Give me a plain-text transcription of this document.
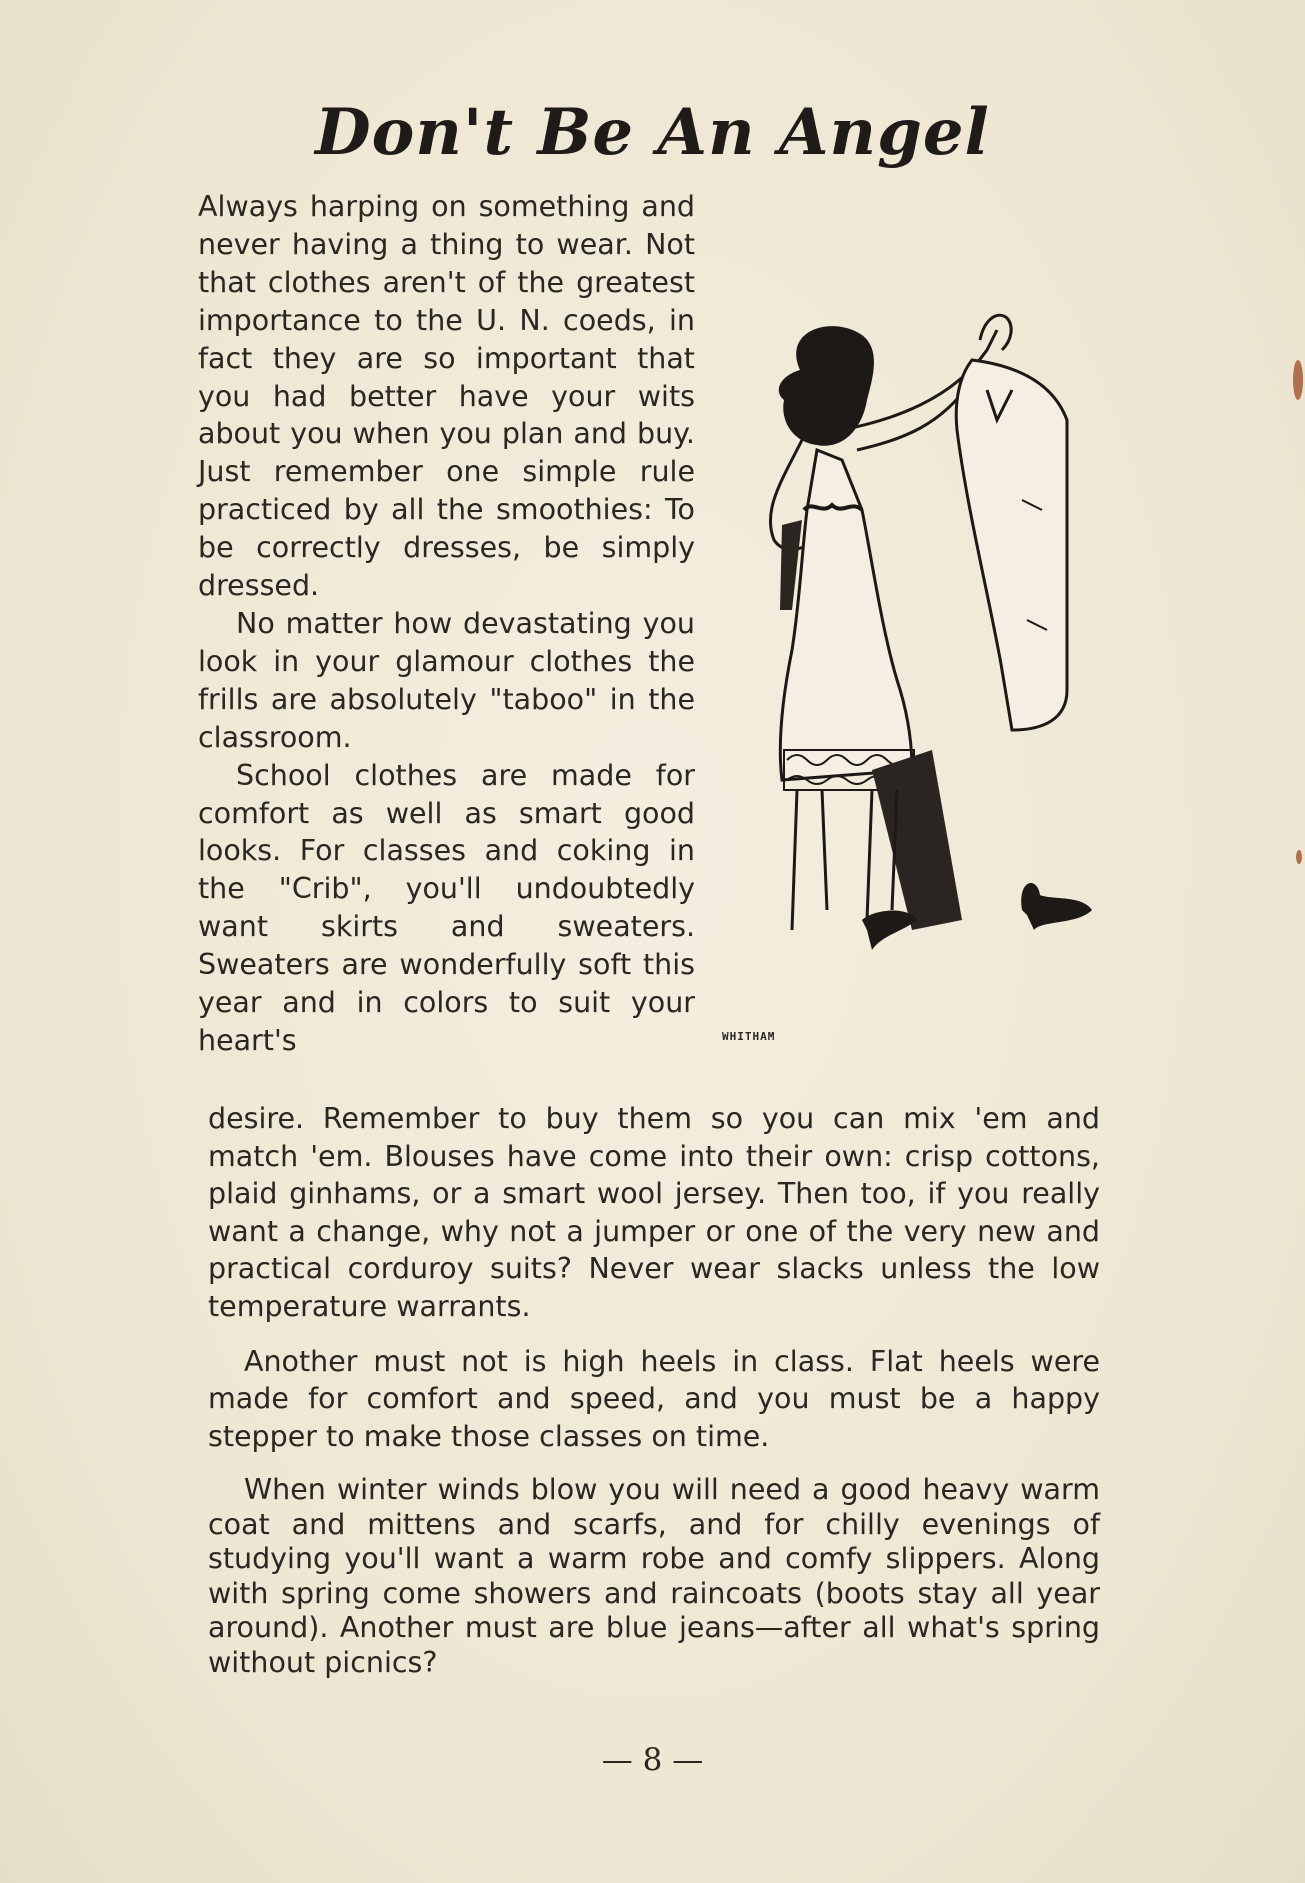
Don't Be An Angel

Always harping on something and never having a thing to wear. Not that clothes aren't of the greatest importance to the U. N. coeds, in fact they are so important that you had better have your wits about you when you plan and buy. Just remember one simple rule practiced by all the smoothies: To be correctly dresses, be simply dressed.

No matter how devastating you look in your glamour clothes the frills are absolutely "taboo" in the classroom.

School clothes are made for comfort as well as smart good looks. For classes and coking in the "Crib", you'll undoubtedly want skirts and sweaters. Sweaters are wonderfully soft this year and in colors to suit your heart's	WHITHAM

desire. Remember to buy them so you can mix 'em and match 'em. Blouses have come into their own: crisp cottons, plaid ginhams, or a smart wool jersey. Then too, if you really want a change, why not a jumper or one of the very new and practical corduroy suits? Never wear slacks unless the low temperature warrants.

Another must not is high heels in class. Flat heels were made for comfort and speed, and you must be a happy stepper to make those classes on time.

When winter winds blow you will need a good heavy warm coat and mittens and scarfs, and for chilly evenings of studying you'll want a warm robe and comfy slippers. Along with spring come showers and raincoats (boots stay all year around). Another must are blue jeans—after all what's spring without picnics?

— 8 —
